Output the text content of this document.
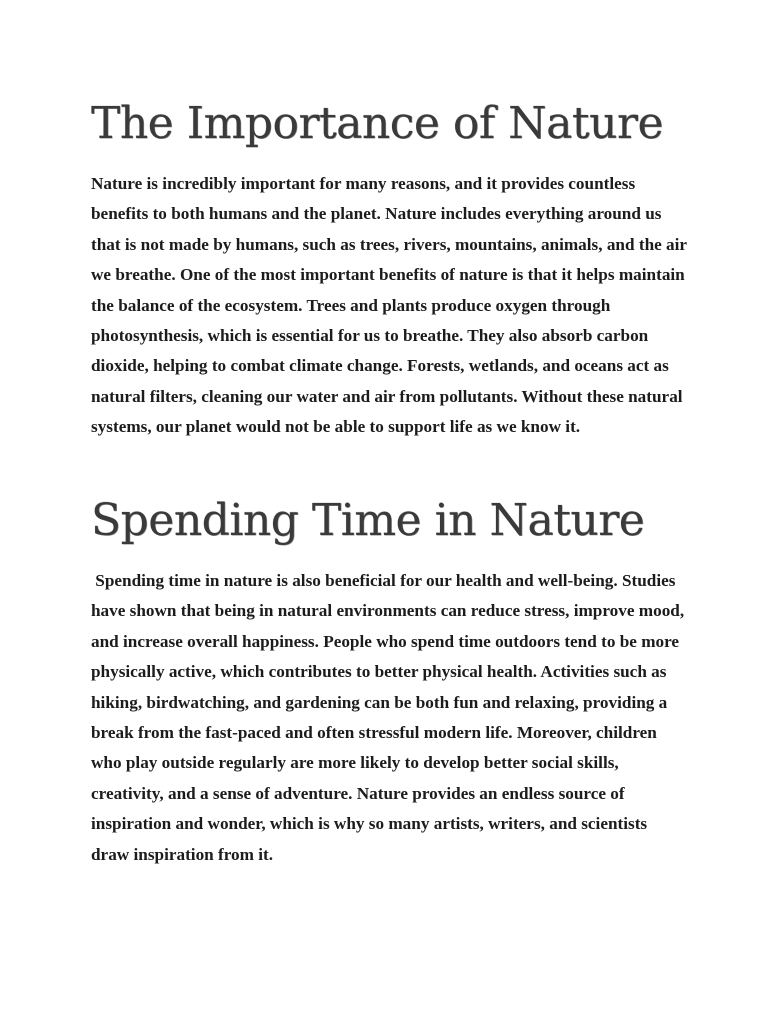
The Importance of Nature

Nature is incredibly important for many reasons, and it provides countless benefits to both humans and the planet. Nature includes everything around us that is not made by humans, such as trees, rivers, mountains, animals, and the air we breathe. One of the most important benefits of nature is that it helps maintain the balance of the ecosystem. Trees and plants produce oxygen through photosynthesis, which is essential for us to breathe. They also absorb carbon dioxide, helping to combat climate change. Forests, wetlands, and oceans act as natural filters, cleaning our water and air from pollutants. Without these natural systems, our planet would not be able to support life as we know it.

Spending Time in Nature

Spending time in nature is also beneficial for our health and well-being. Studies have shown that being in natural environments can reduce stress, improve mood, and increase overall happiness. People who spend time outdoors tend to be more physically active, which contributes to better physical health. Activities such as hiking, birdwatching, and gardening can be both fun and relaxing, providing a break from the fast-paced and often stressful modern life. Moreover, children who play outside regularly are more likely to develop better social skills, creativity, and a sense of adventure. Nature provides an endless source of inspiration and wonder, which is why so many artists, writers, and scientists draw inspiration from it.
